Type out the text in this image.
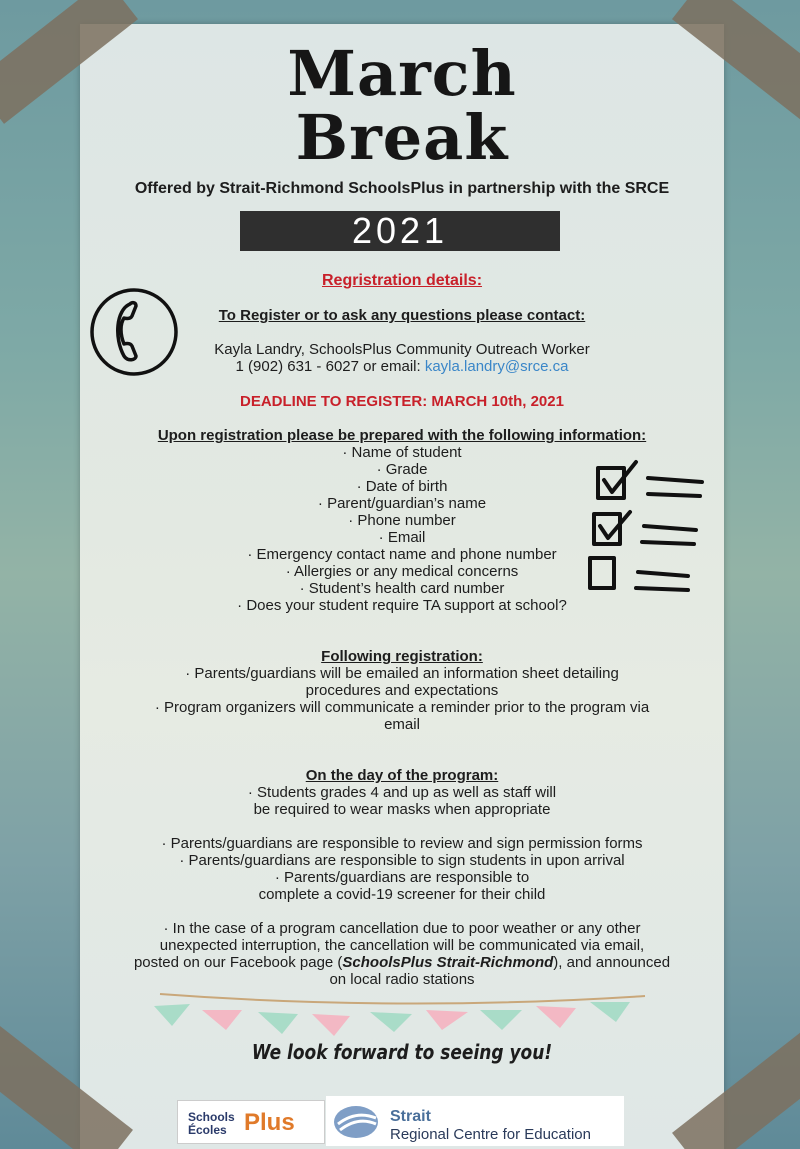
March
Break
Offered by Strait-Richmond SchoolsPlus in partnership with the SRCE
2021
Regristration details:
To Register or to ask any questions please contact:
Kayla Landry, SchoolsPlus Community Outreach Worker
1 (902) 631 - 6027 or email: kayla.landry@srce.ca
DEADLINE TO REGISTER: MARCH 10th, 2021
Upon registration please be prepared with the following information:
· Name of student
· Grade
· Date of birth
· Parent/guardian’s name
· Phone number
· Email
· Emergency contact name and phone number
· Allergies or any medical concerns
· Student’s health card number
· Does your student require TA support at school?
Following registration:
· Parents/guardians will be emailed an information sheet detailing
procedures and expectations
· Program organizers will communicate a reminder prior to the program via
email
On the day of the program:
· Students grades 4 and up as well as staff will
be required to wear masks when appropriate
· Parents/guardians are responsible to review and sign permission forms
· Parents/guardians are responsible to sign students in upon arrival
· Parents/guardians are responsible to
complete a covid-19 screener for their child
· In the case of a program cancellation due to poor weather or any other
unexpected interruption, the cancellation will be communicated via email,
posted on our Facebook page (SchoolsPlus Strait-Richmond), and announced
on local radio stations
We look forward to seeing you!
Schools
Écoles Plus	Strait
Regional Centre for Education
